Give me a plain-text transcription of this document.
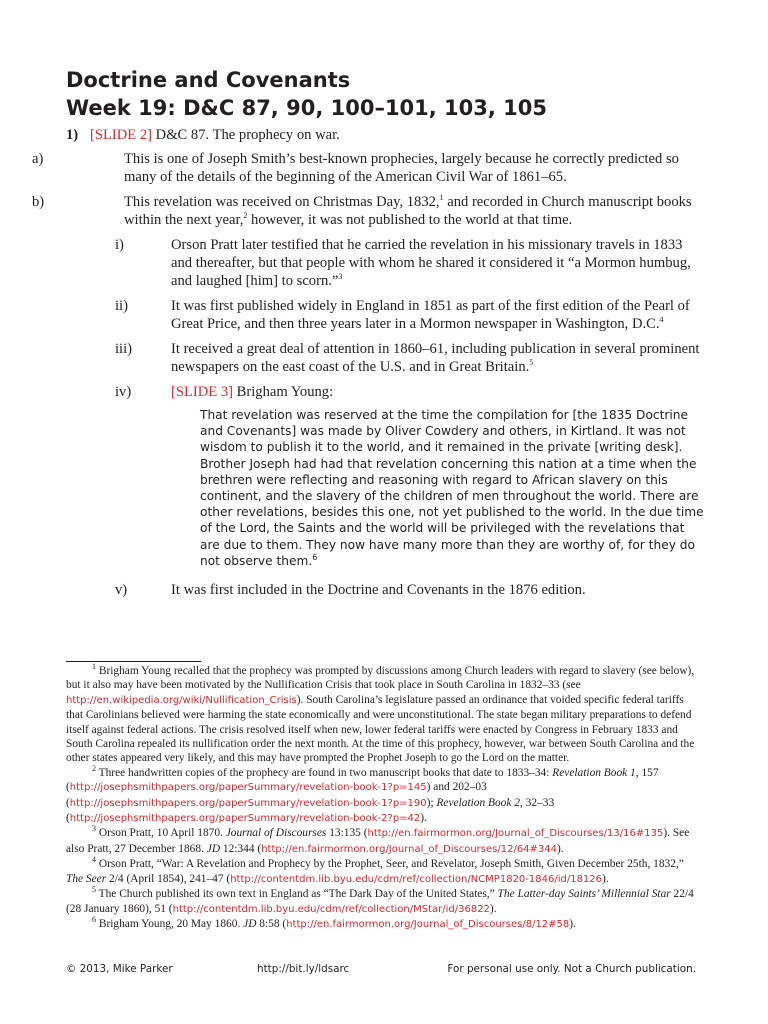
Doctrine and Covenants
Week 19: D&C 87, 90, 100–101, 103, 105
1) [SLIDE 2] D&C 87. The prophecy on war.
a)	This is one of Joseph Smith’s best-known prophecies, largely because he correctly predicted so many of the details of the beginning of the American Civil War of 1861–65.
b)	This revelation was received on Christmas Day, 1832,$^1$ and recorded in Church manuscript books within the next year,$^2$ however, it was not published to the world at that time.
i)	Orson Pratt later testified that he carried the revelation in his missionary travels in 1833 and thereafter, but that people with whom he shared it considered it “a Mormon humbug, and laughed [him] to scorn.”$^3$
ii)	It was first published widely in England in 1851 as part of the first edition of the Pearl of Great Price, and then three years later in a Mormon newspaper in Washington, D.C.$^4$
iii)	It received a great deal of attention in 1860–61, including publication in several prominent newspapers on the east coast of the U.S. and in Great Britain.$^5$
iv)	[SLIDE 3] Brigham Young:
That revelation was reserved at the time the compilation for [the 1835 Doctrine and Covenants] was made by Oliver Cowdery and others, in Kirtland. It was not wisdom to publish it to the world, and it remained in the private [writing desk]. Brother Joseph had had that revelation concerning this nation at a time when the brethren were reflecting and reasoning with regard to African slavery on this continent, and the slavery of the children of men throughout the world. There are other revelations, besides this one, not yet published to the world. In the due time of the Lord, the Saints and the world will be privileged with the revelations that are due to them. They now have many more than they are worthy of, for they do not observe them.$^6$
v)	It was first included in the Doctrine and Covenants in the 1876 edition.
$^1$ Brigham Young recalled that the prophecy was prompted by discussions among Church leaders with regard to slavery (see below), but it also may have been motivated by the Nullification Crisis that took place in South Carolina in 1832–33 (see http://en.wikipedia.org/wiki/Nullification_Crisis). South Carolina’s legislature passed an ordinance that voided specific federal tariffs that Carolinians believed were harming the state economically and were unconstitutional. The state began military preparations to defend itself against federal actions. The crisis resolved itself when new, lower federal tariffs were enacted by Congress in February 1833 and South Carolina repealed its nullification order the next month. At the time of this prophecy, however, war between South Carolina and the other states appeared very likely, and this may have prompted the Prophet Joseph to go the Lord on the matter.
$^2$ Three handwritten copies of the prophecy are found in two manuscript books that date to 1833–34: Revelation Book 1, 157 (http://josephsmithpapers.org/paperSummary/revelation-book-1?p=145) and 202–03 (http://josephsmithpapers.org/paperSummary/revelation-book-1?p=190); Revelation Book 2, 32–33 (http://josephsmithpapers.org/paperSummary/revelation-book-2?p=42).
$^3$ Orson Pratt, 10 April 1870. Journal of Discourses 13:135 (http://en.fairmormon.org/Journal_of_Discourses/13/16#135). See also Pratt, 27 December 1868. JD 12:344 (http://en.fairmormon.org/Journal_of_Discourses/12/64#344).
$^4$ Orson Pratt, “War: A Revelation and Prophecy by the Prophet, Seer, and Revelator, Joseph Smith, Given December 25th, 1832,” The Seer 2/4 (April 1854), 241–47 (http://contentdm.lib.byu.edu/cdm/ref/collection/NCMP1820-1846/id/18126).
$^5$ The Church published its own text in England as “The Dark Day of the United States,” The Latter-day Saints’ Millennial Star 22/4 (28 January 1860), 51 (http://contentdm.lib.byu.edu/cdm/ref/collection/MStar/id/36822).
$^6$ Brigham Young, 20 May 1860. JD 8:58 (http://en.fairmormon.org/Journal_of_Discourses/8/12#58).
© 2013, Mike Parker	http://bit.ly/ldsarc	For personal use only. Not a Church publication.
